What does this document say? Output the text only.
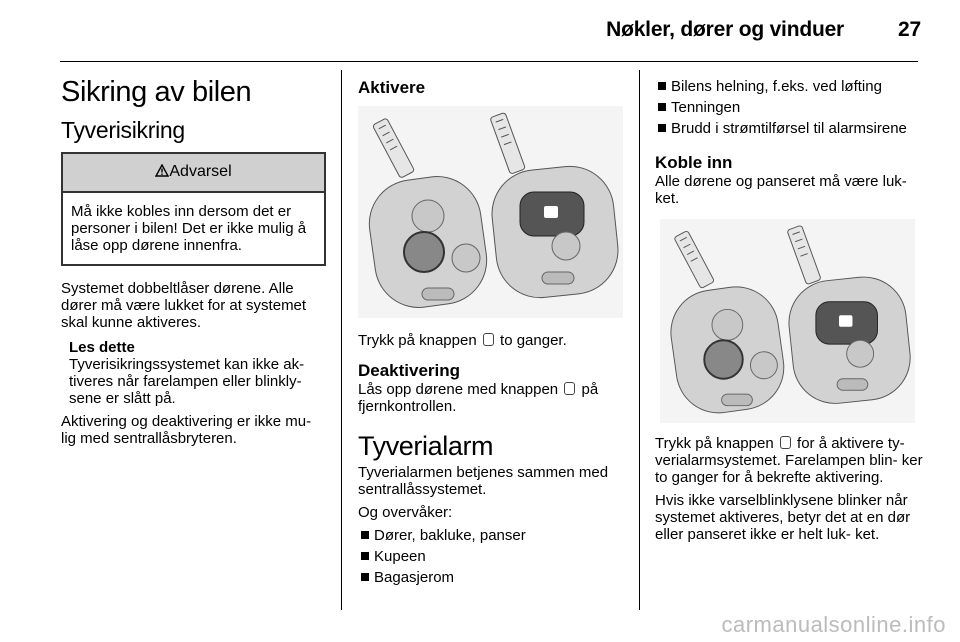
Nøkler, dører og vinduer	27
Sikring av bilen
Tyverisikring
Advarsel
Må ikke kobles inn dersom det er personer i bilen! Det er ikke mulig å låse opp dørene innenfra.

Systemet dobbeltlåser dørene. Alle dører må være lukket for at systemet skal kunne aktiveres.

Les dette
Tyverisikringssystemet kan ikke ak- tiveres når farelampen eller blinkly- sene er slått på.

Aktivering og deaktivering er ikke mu- lig med sentrallåsbryteren.

Aktivere

Trykk på knappen to ganger.

Deaktivering

Lås opp dørene med knappen på fjernkontrollen.

Tyverialarm

Tyverialarmen betjenes sammen med sentrallåssystemet.

Og overvåker:

Dører, bakluke, panser
Kupeen
Bagasjerom
Bilens helning, f.eks. ved løfting
Tenningen
Brudd i strømtilførsel til alarmsirene
Koble inn

Alle dørene og panseret må være luk- ket.

Trykk på knappen for å aktivere ty- verialarmsystemet. Farelampen blin- ker to ganger for å bekrefte aktivering.

Hvis ikke varselblinklysene blinker når systemet aktiveres, betyr det at en dør eller panseret ikke er helt luk- ket.

carmanualsonline.info
